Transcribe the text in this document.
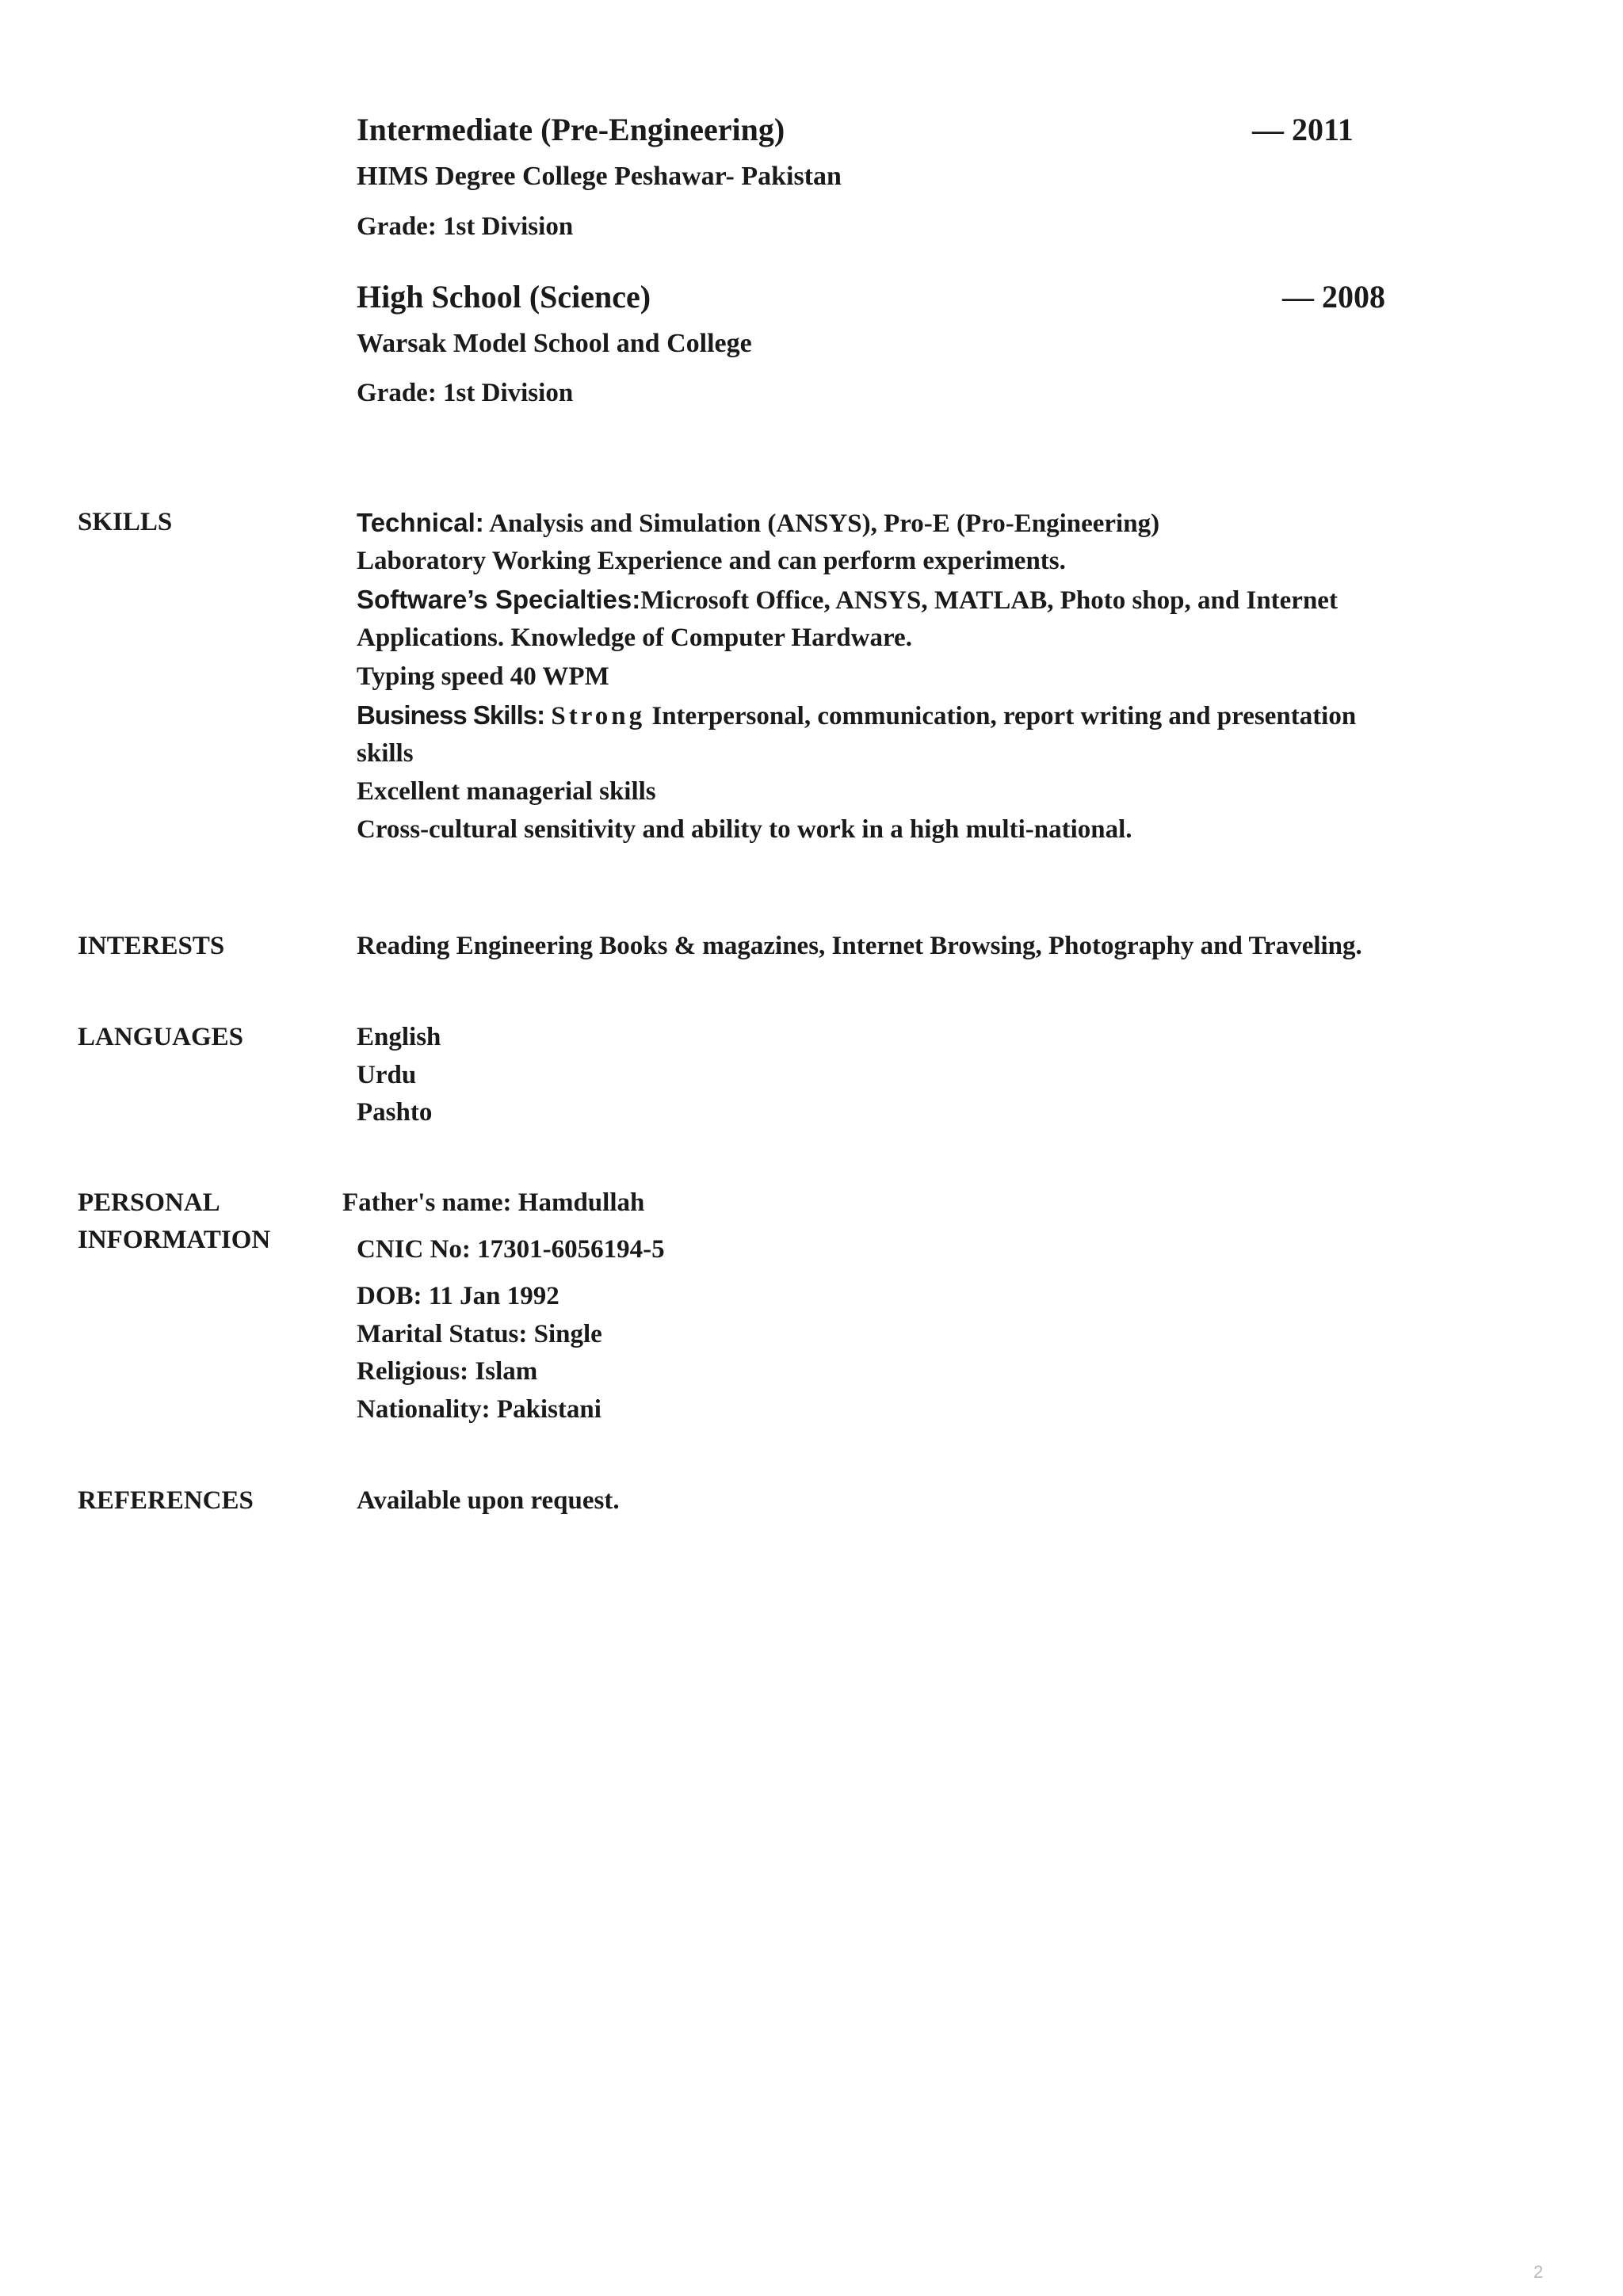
Intermediate (Pre-Engineering)	— 2011
HIMS Degree College Peshawar- Pakistan
Grade: 1st Division
High School (Science)	— 2008
Warsak Model School and College
Grade: 1st Division
SKILLS	Technical: Analysis and Simulation (ANSYS), Pro-E (Pro-Engineering)
Laboratory Working Experience and can perform experiments.
Software’s Specialties:Microsoft Office, ANSYS, MATLAB, Photo shop, and Internet
Applications. Knowledge of Computer Hardware.
Typing speed 40 WPM
Business Skills: Strong Interpersonal, communication, report writing and presentation
skills
Excellent managerial skills
Cross-cultural sensitivity and ability to work in a high multi-national.
INTERESTS	Reading Engineering Books & magazines, Internet Browsing, Photography and Traveling.
LANGUAGES	English
Urdu
Pashto
PERSONAL
INFORMATION
Father's name: Hamdullah
CNIC No: 17301-6056194-5
DOB: 11 Jan 1992
Marital Status: Single
Religious: Islam
Nationality: Pakistani
REFERENCES	Available upon request.
2
